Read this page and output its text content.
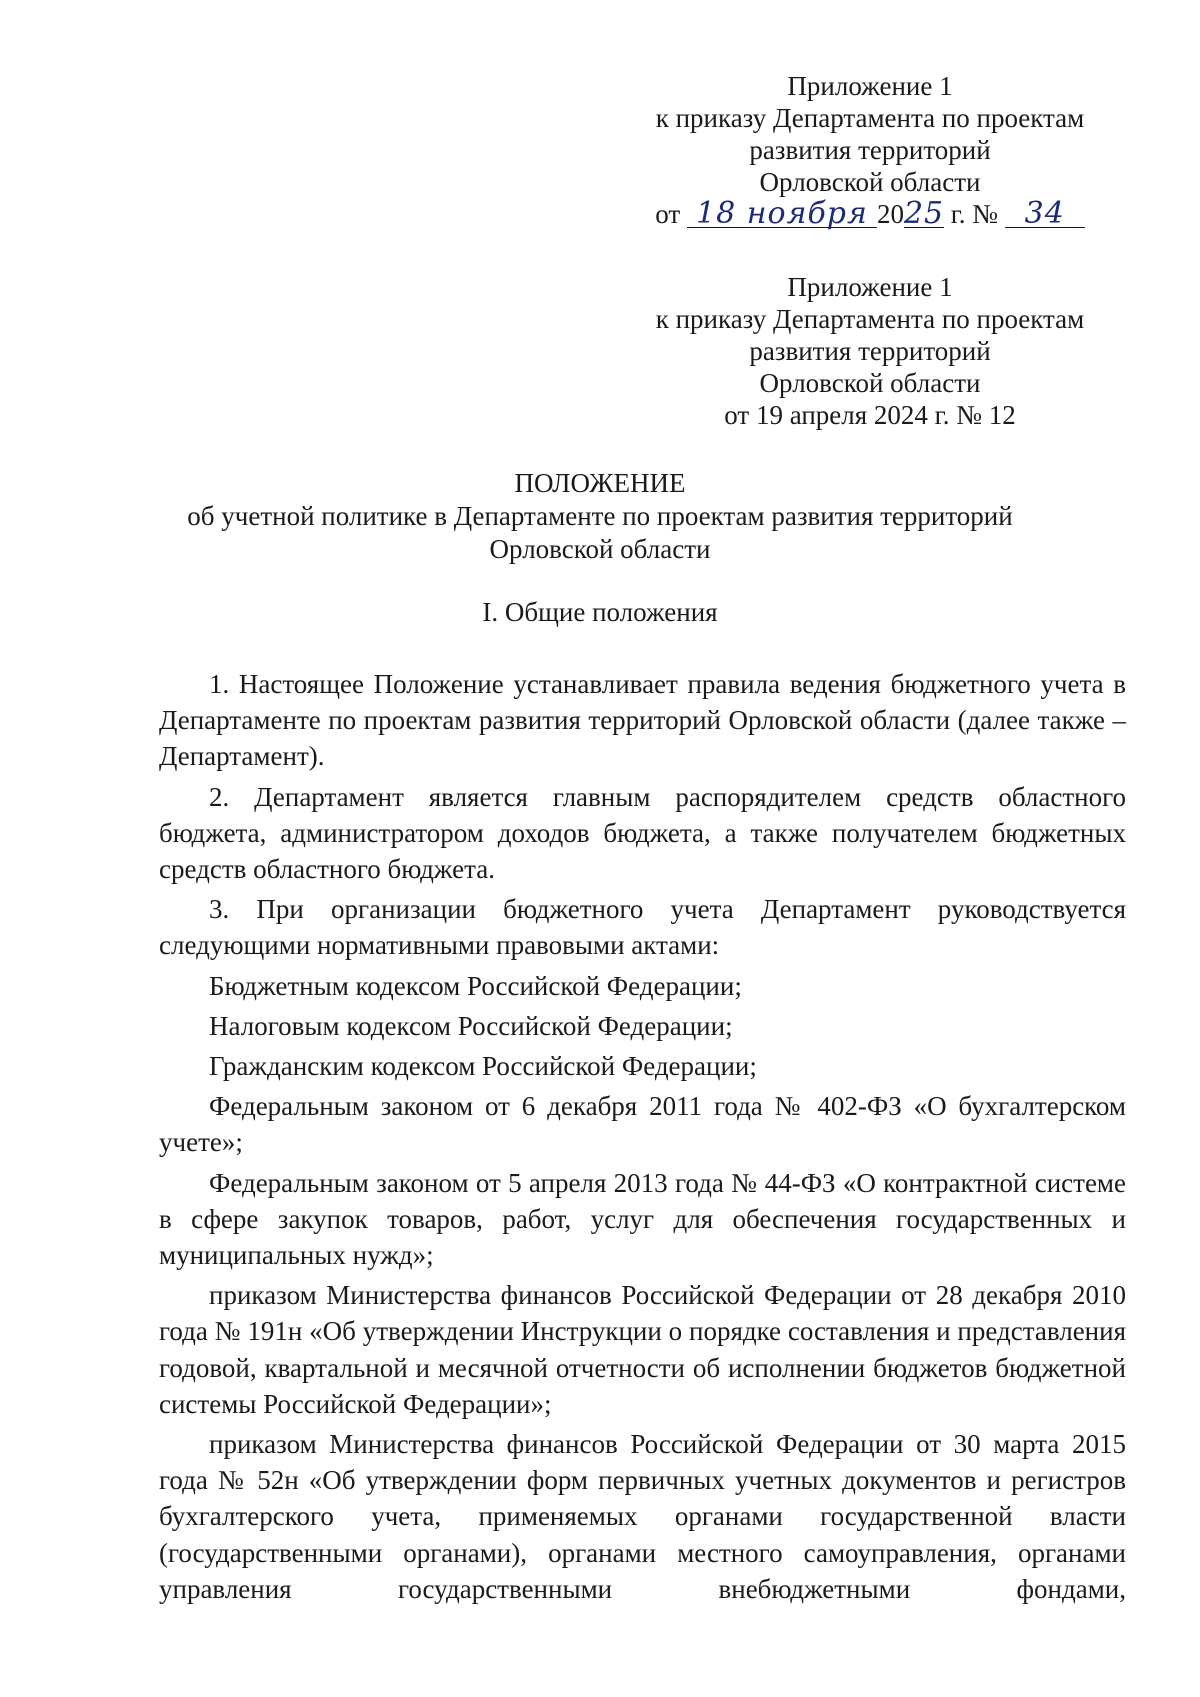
Приложение 1
к приказу Департамента по проектам
развития территорий
Орловской области
от 18 ноября 2025 г. № 34
Приложение 1
к приказу Департамента по проектам
развития территорий
Орловской области
от 19 апреля 2024 г. № 12
ПОЛОЖЕНИЕ
об учетной политике в Департаменте по проектам развития территорий
Орловской области
I. Общие положения

1. Настоящее Положение устанавливает правила ведения бюджетного учета в Департаменте по проектам развития территорий Орловской области (далее также – Департамент).

2. Департамент является главным распорядителем средств областного бюджета, администратором доходов бюджета, а также получателем бюджетных средств областного бюджета.

3. При организации бюджетного учета Департамент руководствуется следующими нормативными правовыми актами:

Бюджетным кодексом Российской Федерации;

Налоговым кодексом Российской Федерации;

Гражданским кодексом Российской Федерации;

Федеральным законом от 6 декабря 2011 года № 402-ФЗ «О бухгалтерском учете»;

Федеральным законом от 5 апреля 2013 года № 44-ФЗ «О контрактной системе в сфере закупок товаров, работ, услуг для обеспечения государственных и муниципальных нужд»;

приказом Министерства финансов Российской Федерации от 28 декабря 2010 года № 191н «Об утверждении Инструкции о порядке составления и представления годовой, квартальной и месячной отчетности об исполнении бюджетов бюджетной системы Российской Федерации»;

приказом Министерства финансов Российской Федерации от 30 марта 2015 года № 52н «Об утверждении форм первичных учетных документов и регистров бухгалтерского учета, применяемых органами государственной власти (государственными органами), органами местного самоуправления, органами управления государственными внебюджетными фондами,
